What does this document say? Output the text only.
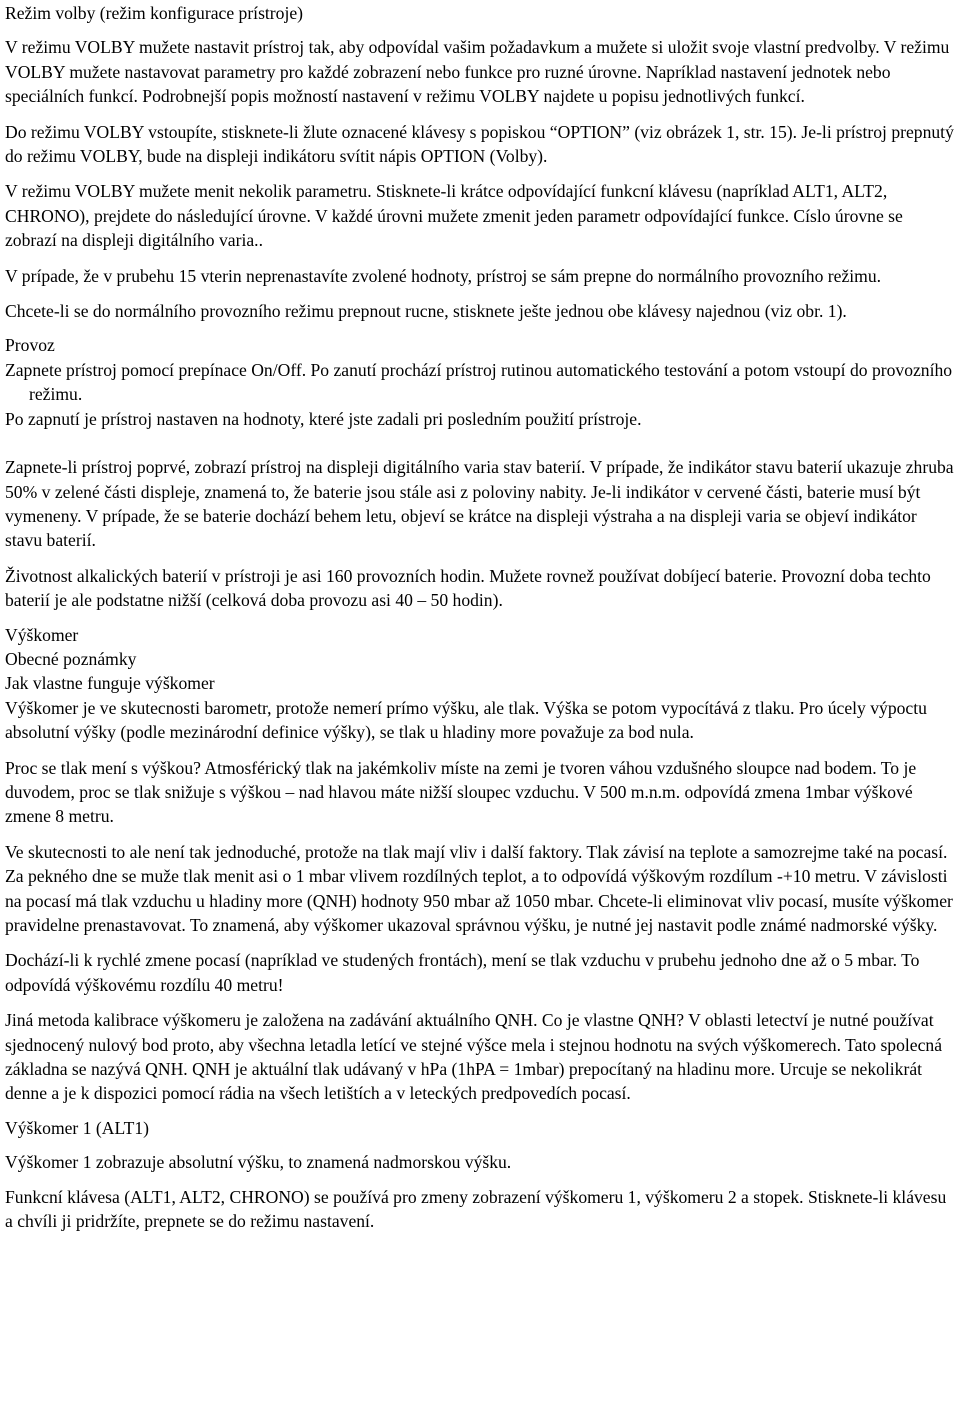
Režim volby (režim konfigurace prístroje)

V režimu VOLBY mužete nastavit prístroj tak, aby odpovídal vašim požadavkum a mužete si uložit svoje vlastní predvolby. V režimu VOLBY mužete nastavovat parametry pro každé zobrazení nebo funkce pro ruzné úrovne. Napríklad nastavení jednotek nebo speciálních funkcí. Podrobnejší popis možností nastavení v režimu VOLBY najdete u popisu jednotlivých funkcí.

Do režimu VOLBY vstoupíte, stisknete-li žlute oznacené klávesy s popiskou “OPTION” (viz obrázek 1, str. 15). Je-li prístroj prepnutý do režimu VOLBY, bude na displeji indikátoru svítit nápis OPTION (Volby).

V režimu VOLBY mužete menit nekolik parametru. Stisknete-li krátce odpovídající funkcní klávesu (napríklad ALT1, ALT2, CHRONO), prejdete do následující úrovne. V každé úrovni mužete zmenit jeden parametr odpovídající funkce. Císlo úrovne se zobrazí na displeji digitálního varia..

V prípade, že v prubehu 15 vterin neprenastavíte zvolené hodnoty, prístroj se sám prepne do normálního provozního režimu.

Chcete-li se do normálního provozního režimu prepnout rucne, stisknete ješte jednou obe klávesy najednou (viz obr. 1).

Provoz

Zapnete prístroj pomocí prepínace On/Off. Po zanutí prochází prístroj rutinou automatického testování a potom vstoupí do provozního režimu.

Po zapnutí je prístroj nastaven na hodnoty, které jste zadali pri posledním použití prístroje.

Zapnete-li prístroj poprvé, zobrazí prístroj na displeji digitálního varia stav baterií. V prípade, že indikátor stavu baterií ukazuje zhruba 50% v zelené části displeje, znamená to, že baterie jsou stále asi z poloviny nabity. Je-li indikátor v cervené části, baterie musí být vymeneny. V prípade, že se baterie dochází behem letu, objeví se krátce na displeji výstraha a na displeji varia se objeví indikátor stavu baterií.

Životnost alkalických baterií v prístroji je asi 160 provozních hodin. Mužete rovnež používat dobíjecí baterie. Provozní doba techto baterií je ale podstatne nižší (celková doba provozu asi 40 – 50 hodin).

Výškomer

Obecné poznámky

Jak vlastne funguje výškomer

Výškomer je ve skutecnosti barometr, protože nemerí prímo výšku, ale tlak. Výška se potom vypocítává z tlaku. Pro úcely výpoctu absolutní výšky (podle mezinárodní definice výšky), se tlak u hladiny more považuje za bod nula.

Proc se tlak mení s výškou? Atmosférický tlak na jakémkoliv míste na zemi je tvoren váhou vzdušného sloupce nad bodem. To je duvodem, proc se tlak snižuje s výškou – nad hlavou máte nižší sloupec vzduchu. V 500 m.n.m. odpovídá zmena 1mbar výškové zmene 8 metru.

Ve skutecnosti to ale není tak jednoduché, protože na tlak mají vliv i další faktory. Tlak závisí na teplote a samozrejme také na pocasí. Za pekného dne se muže tlak menit asi o 1 mbar vlivem rozdílných teplot, a to odpovídá výškovým rozdílum -+10 metru. V závislosti na pocasí má tlak vzduchu u hladiny more (QNH) hodnoty 950 mbar až 1050 mbar. Chcete-li eliminovat vliv pocasí, musíte výškomer pravidelne prenastavovat. To znamená, aby výškomer ukazoval správnou výšku, je nutné jej nastavit podle známé nadmorské výšky.

Dochází-li k rychlé zmene pocasí (napríklad ve studených frontách), mení se tlak vzduchu v prubehu jednoho dne až o 5 mbar. To odpovídá výškovému rozdílu 40 metru!

Jiná metoda kalibrace výškomeru je založena na zadávání aktuálního QNH. Co je vlastne QNH? V oblasti letectví je nutné používat sjednocený nulový bod proto, aby všechna letadla letící ve stejné výšce mela i stejnou hodnotu na svých výškomerech. Tato spolecná základna se nazývá QNH. QNH je aktuální tlak udávaný v hPa (1hPA = 1mbar) prepocítaný na hladinu more. Urcuje se nekolikrát denne a je k dispozici pomocí rádia na všech letištích a v leteckých predpovedích pocasí.

Výškomer 1 (ALT1)

Výškomer 1 zobrazuje absolutní výšku, to znamená nadmorskou výšku.

Funkcní klávesa (ALT1, ALT2, CHRONO) se používá pro zmeny zobrazení výškomeru 1, výškomeru 2 a stopek. Stisknete-li klávesu a chvíli ji pridržíte, prepnete se do režimu nastavení.
